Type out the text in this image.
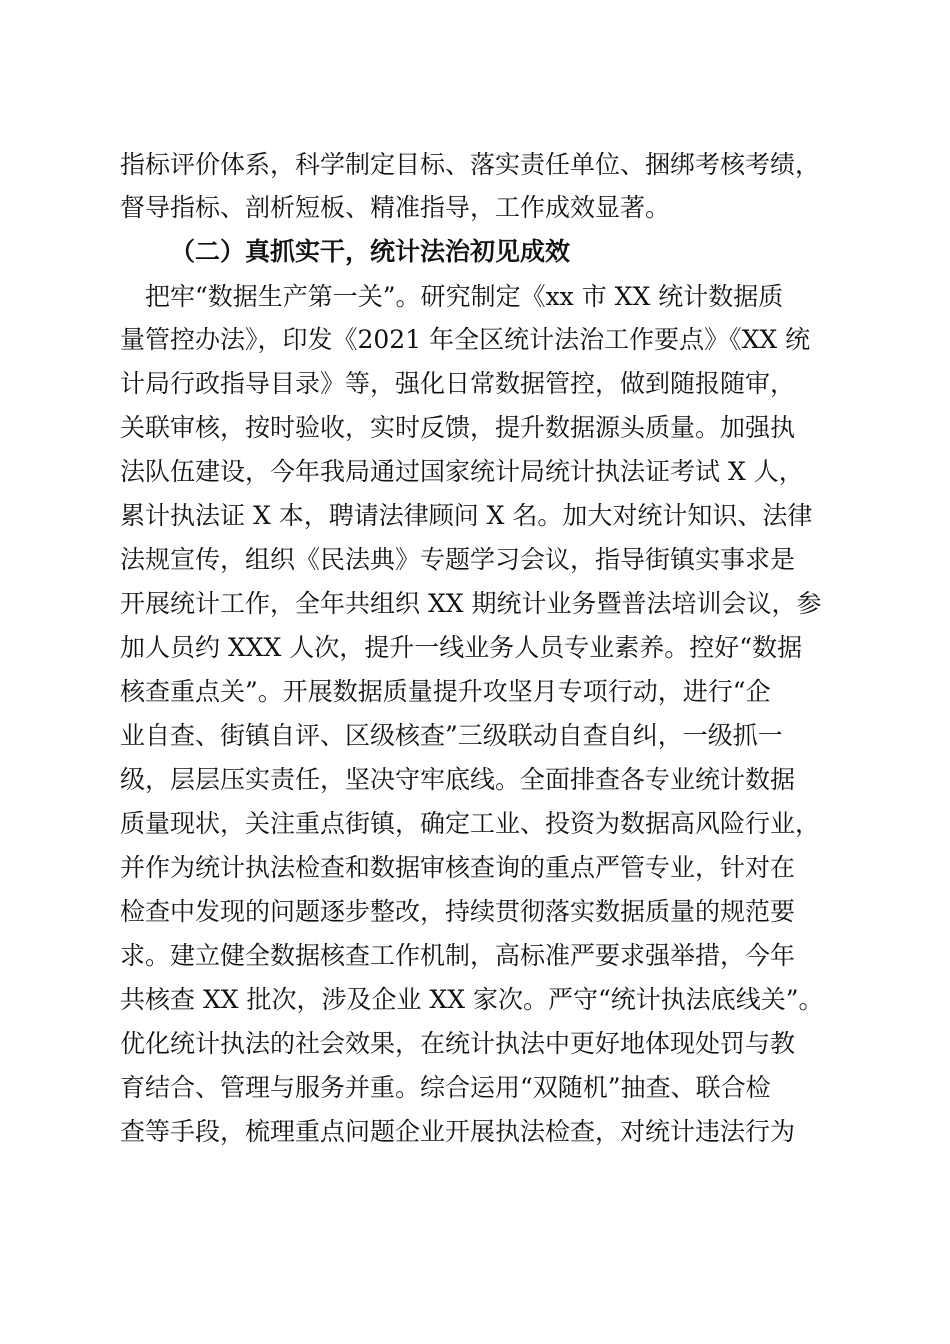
指标评价体系，科学制定目标、落实责任单位、捆绑考核考绩，
督导指标、剖析短板、精准指导，工作成效显著。
（二）真抓实干，统计法治初见成效
把牢“数据生产第一关”。研究制定《xx 市 XX 统计数据质
量管控办法》，印发《2021 年全区统计法治工作要点》《XX 统
计局行政指导目录》等，强化日常数据管控，做到随报随审，
关联审核，按时验收，实时反馈，提升数据源头质量。加强执
法队伍建设，今年我局通过国家统计局统计执法证考试 X 人，
累计执法证 X 本，聘请法律顾问 X 名。加大对统计知识、法律
法规宣传，组织《民法典》专题学习会议，指导街镇实事求是
开展统计工作，全年共组织 XX 期统计业务暨普法培训会议，参
加人员约 XXX 人次，提升一线业务人员专业素养。控好“数据
核查重点关”。开展数据质量提升攻坚月专项行动，进行“企
业自查、街镇自评、区级核查”三级联动自查自纠，一级抓一
级，层层压实责任，坚决守牢底线。全面排查各专业统计数据
质量现状，关注重点街镇，确定工业、投资为数据高风险行业，
并作为统计执法检查和数据审核查询的重点严管专业，针对在
检查中发现的问题逐步整改，持续贯彻落实数据质量的规范要
求。建立健全数据核查工作机制，高标准严要求强举措，今年
共核查 XX 批次，涉及企业 XX 家次。严守“统计执法底线关”。
优化统计执法的社会效果，在统计执法中更好地体现处罚与教
育结合、管理与服务并重。综合运用“双随机”抽查、联合检
查等手段，梳理重点问题企业开展执法检查，对统计违法行为
